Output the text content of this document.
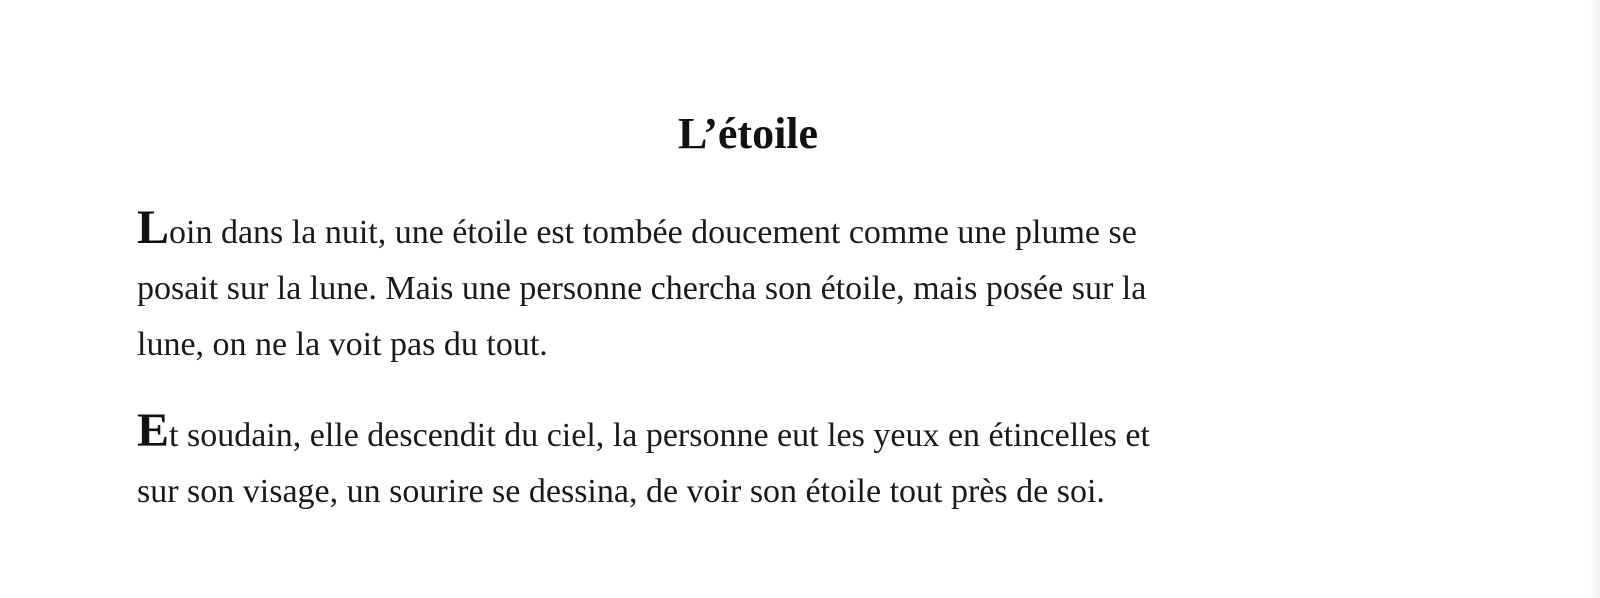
L’étoile

Loin dans la nuit, une étoile est tombée doucement comme une plume se
posait sur la lune. Mais une personne chercha son étoile, mais posée sur la
lune, on ne la voit pas du tout.

Et soudain, elle descendit du ciel, la personne eut les yeux en étincelles et
sur son visage, un sourire se dessina, de voir son étoile tout près de soi.
